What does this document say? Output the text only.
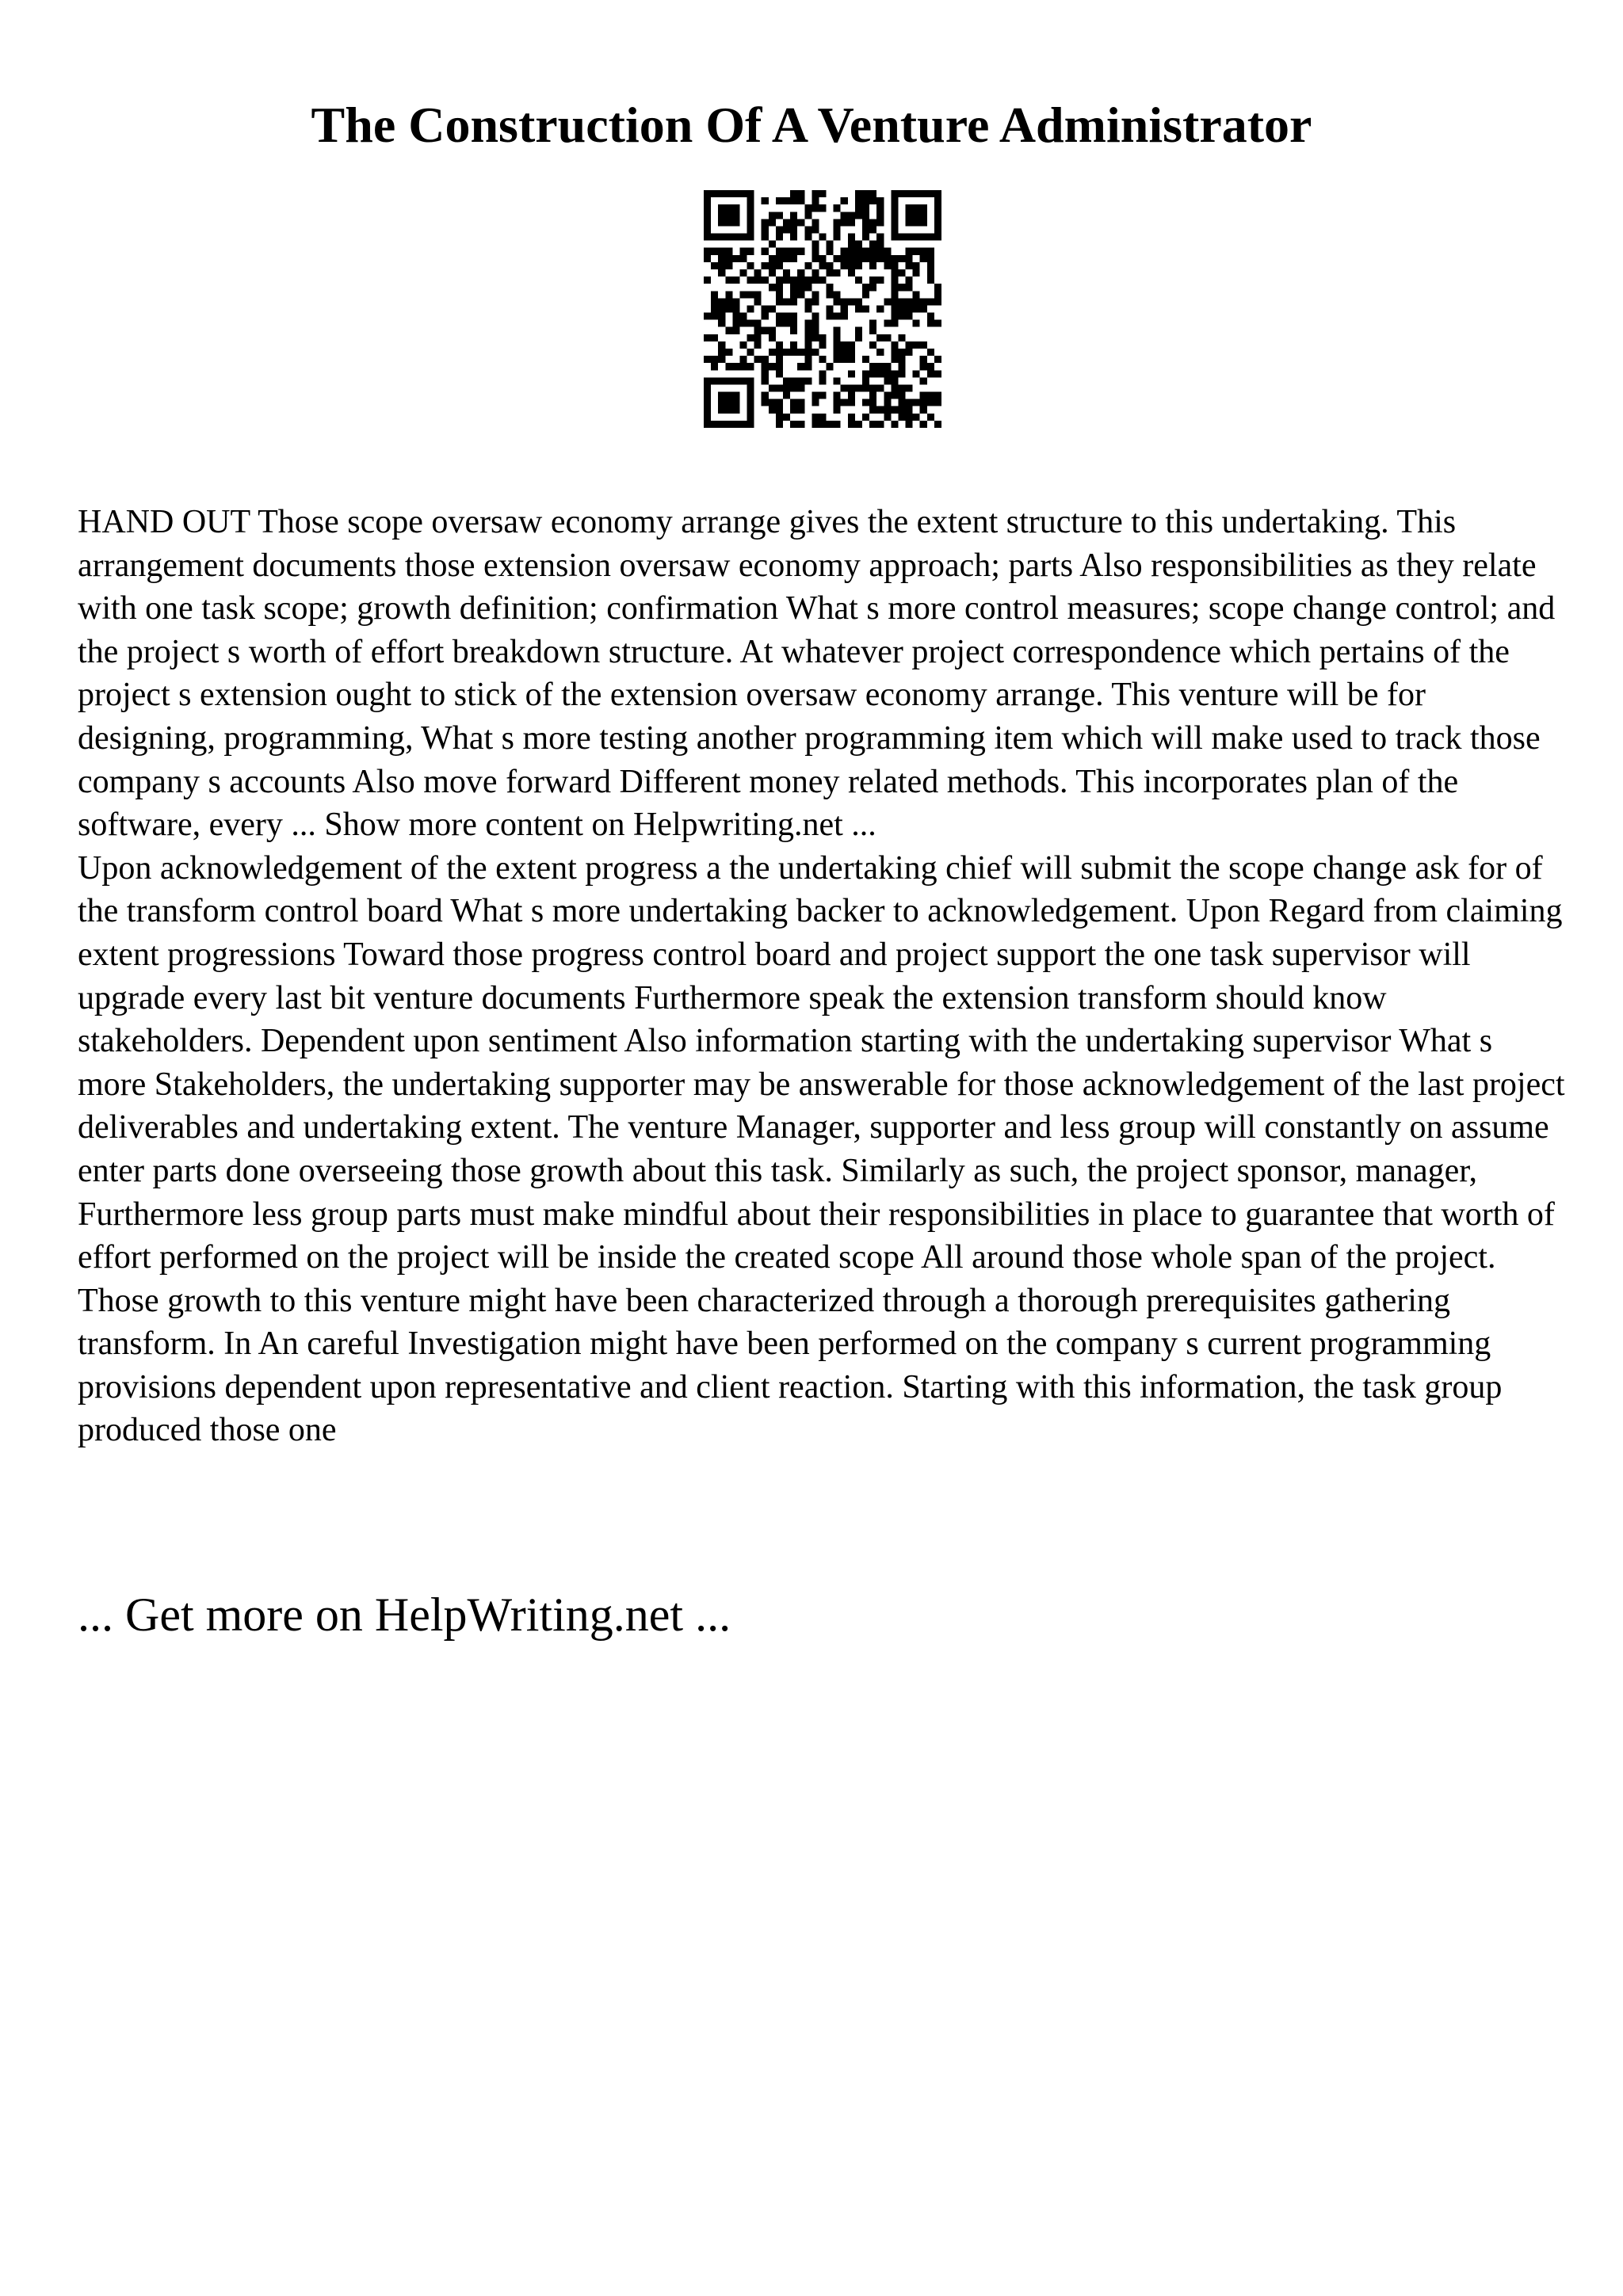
The Construction Of A Venture Administrator

HAND OUT Those scope oversaw economy arrange gives the extent structure to this undertaking. This arrangement documents those extension oversaw economy approach; parts Also responsibilities as they relate with one task scope; growth definition; confirmation What s more control measures; scope change control; and the project s worth of effort breakdown structure. At whatever project correspondence which pertains of the project s extension ought to stick of the extension oversaw economy arrange. This venture will be for designing, programming, What s more testing another programming item which will make used to track those company s accounts Also move forward Different money related methods. This incorporates plan of the software, every ... Show more content on Helpwriting.net ...

Upon acknowledgement of the extent progress a the undertaking chief will submit the scope change ask for of the transform control board What s more undertaking backer to acknowledgement. Upon Regard from claiming extent progressions Toward those progress control board and project support the one task supervisor will upgrade every last bit venture documents Furthermore speak the extension transform should know stakeholders. Dependent upon sentiment Also information starting with the undertaking supervisor What s more Stakeholders, the undertaking supporter may be answerable for those acknowledgement of the last project deliverables and undertaking extent. The venture Manager, supporter and less group will constantly on assume enter parts done overseeing those growth about this task. Similarly as such, the project sponsor, manager, Furthermore less group parts must make mindful about their responsibilities in place to guarantee that worth of effort performed on the project will be inside the created scope All around those whole span of the project. Those growth to this venture might have been characterized through a thorough prerequisites gathering transform. In An careful Investigation might have been performed on the company s current programming provisions dependent upon representative and client reaction. Starting with this information, the task group produced those one

... Get more on HelpWriting.net ...
